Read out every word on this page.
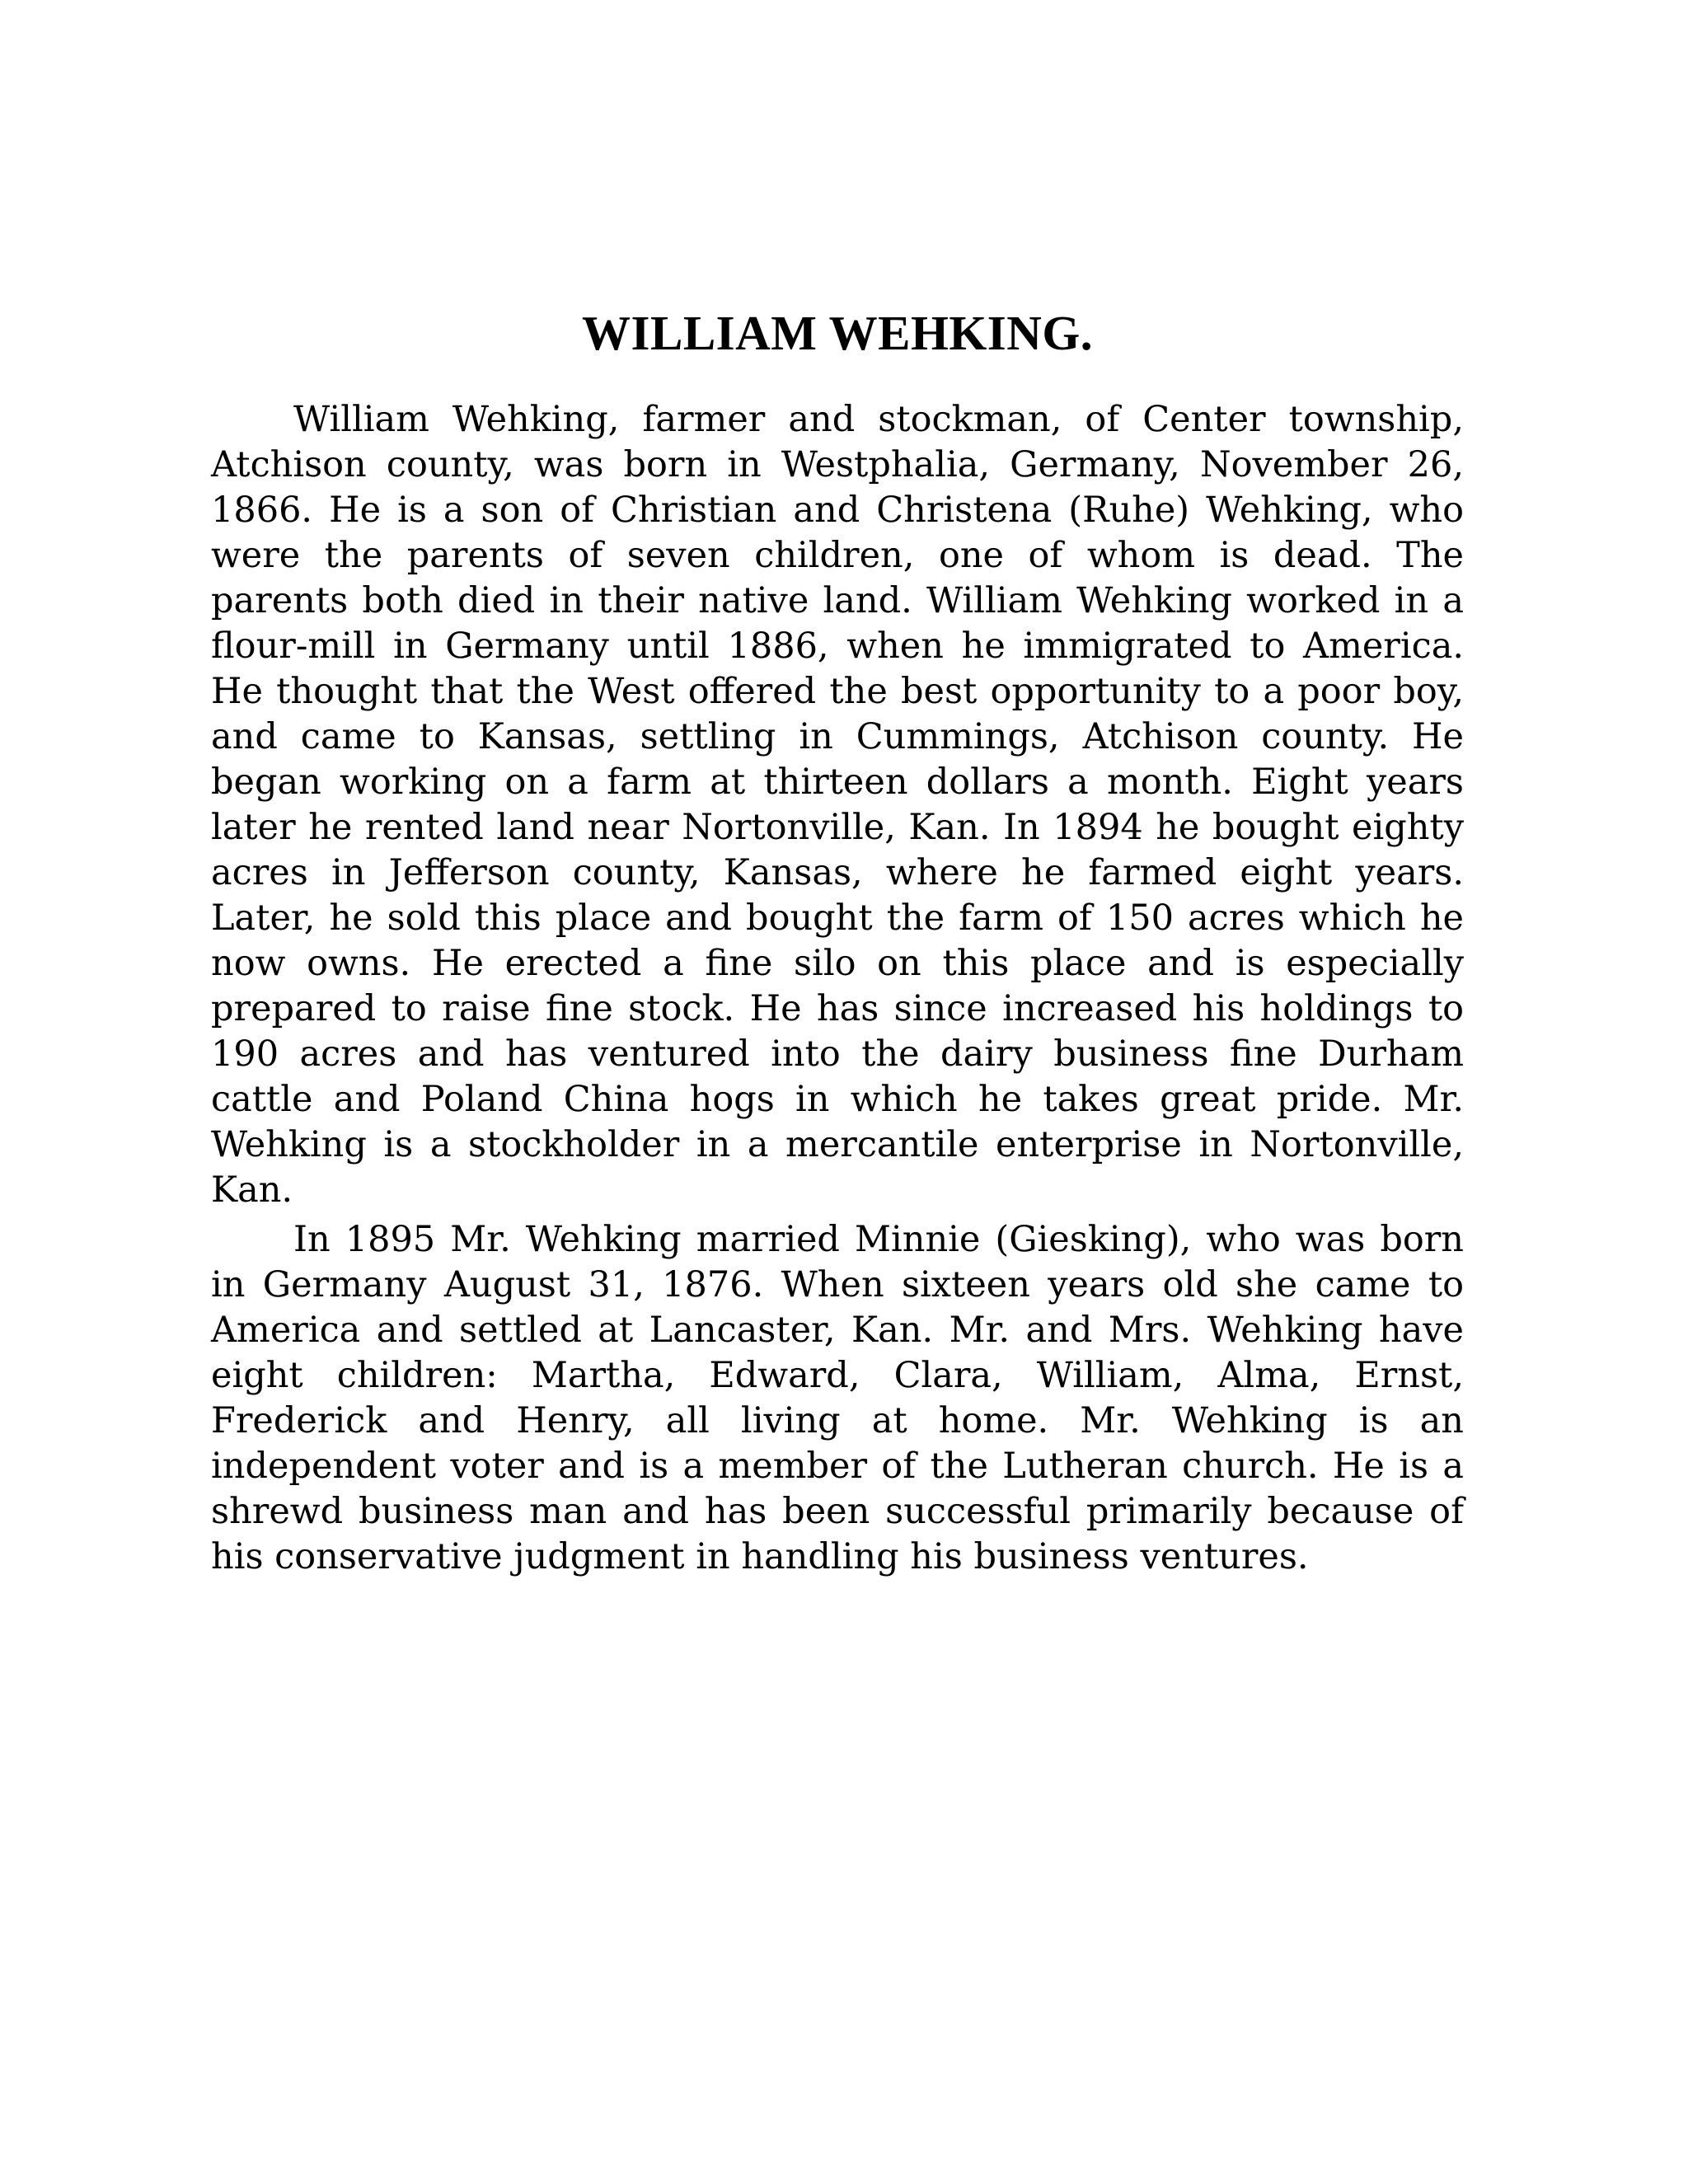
WILLIAM WEHKING.

William Wehking, farmer and stockman, of Center township, Atchison county, was born in Westphalia, Germany, November 26, 1866. He is a son of Christian and Christena (Ruhe) Wehking, who were the parents of seven children, one of whom is dead. The parents both died in their native land. William Wehking worked in a flour-mill in Germany until 1886, when he immigrated to America. He thought that the West offered the best opportunity to a poor boy, and came to Kansas, settling in Cummings, Atchison county. He began working on a farm at thirteen dollars a month. Eight years later he rented land near Nortonville, Kan. In 1894 he bought eighty acres in Jefferson county, Kansas, where he farmed eight years. Later, he sold this place and bought the farm of 150 acres which he now owns. He erected a fine silo on this place and is especially prepared to raise fine stock. He has since increased his holdings to 190 acres and has ventured into the dairy business fine Durham cattle and Poland China hogs in which he takes great pride. Mr. Wehking is a stockholder in a mercantile enterprise in Nortonville, Kan.

In 1895 Mr. Wehking married Minnie (Giesking), who was born in Germany August 31, 1876. When sixteen years old she came to America and settled at Lancaster, Kan. Mr. and Mrs. Wehking have eight children: Martha, Edward, Clara, William, Alma, Ernst, Frederick and Henry, all living at home. Mr. Wehking is an independent voter and is a member of the Lutheran church. He is a shrewd business man and has been successful primarily because of his conservative judgment in handling his business ventures.
